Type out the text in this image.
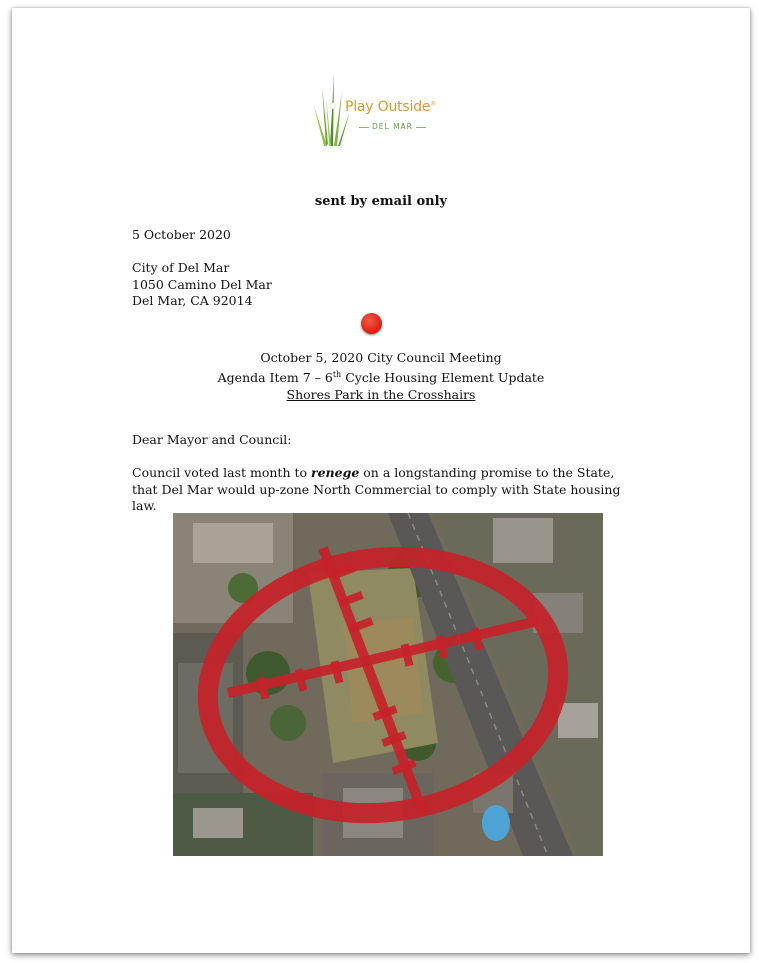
Play Outside®
DEL MAR
sent by email only
5 October 2020
City of Del Mar
1050 Camino Del Mar
Del Mar, CA 92014
October 5, 2020 City Council Meeting
Agenda Item 7 – 6th Cycle Housing Element Update
Shores Park in the Crosshairs
Dear Mayor and Council:
Council voted last month to renege on a longstanding promise to the State, that Del Mar would up-zone North Commercial to comply with State housing law.
